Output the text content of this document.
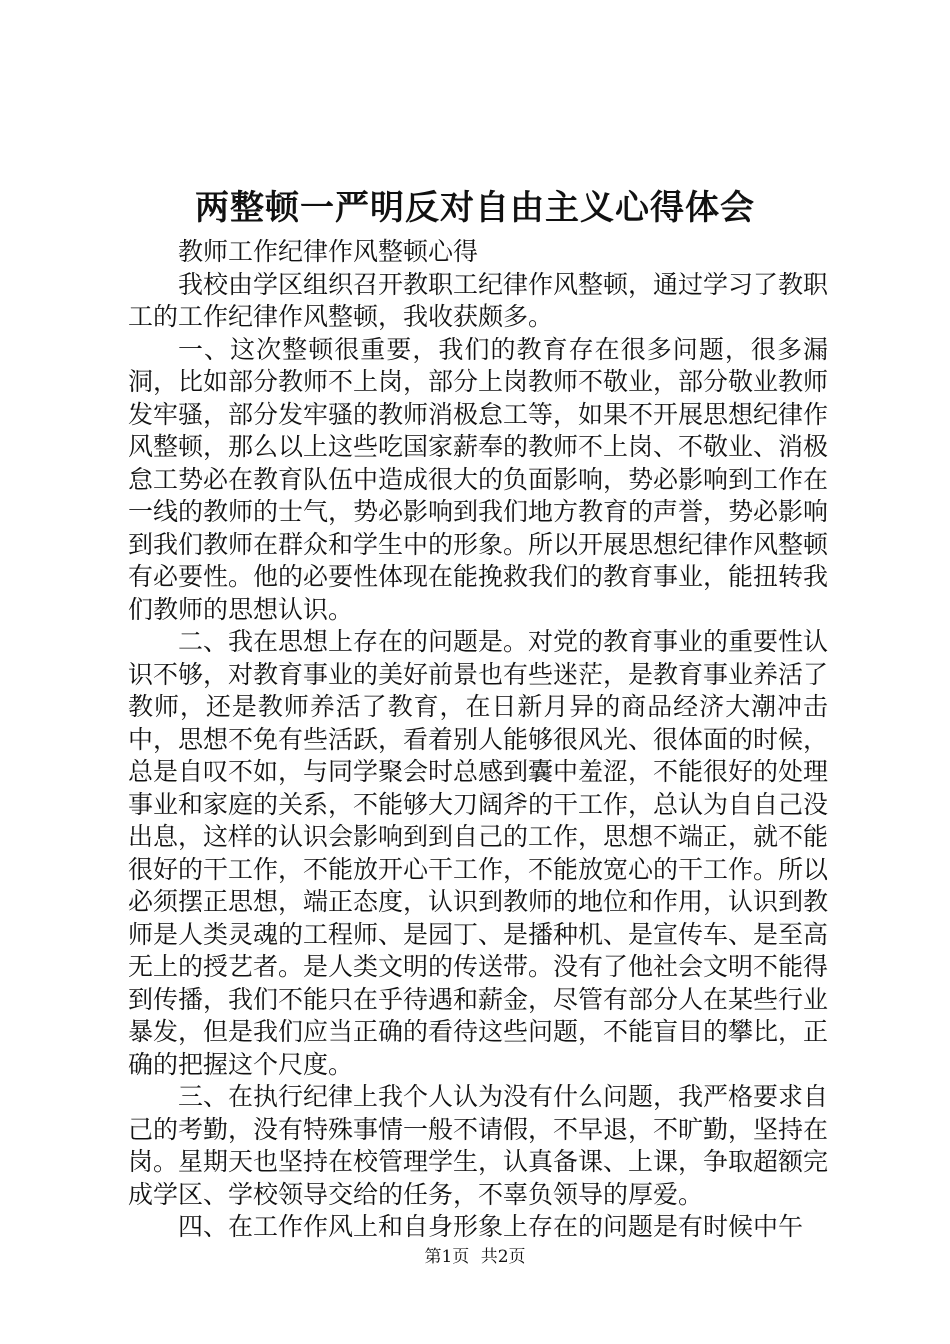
两整顿一严明反对自由主义心得体会

教师工作纪律作风整顿心得

我校由学区组织召开教职工纪律作风整顿，通过学习了教职工的工作纪律作风整顿，我收获颇多。

一、这次整顿很重要，我们的教育存在很多问题，很多漏洞，比如部分教师不上岗，部分上岗教师不敬业，部分敬业教师发牢骚，部分发牢骚的教师消极怠工等，如果不开展思想纪律作风整顿，那么以上这些吃国家薪奉的教师不上岗、不敬业、消极怠工势必在教育队伍中造成很大的负面影响，势必影响到工作在一线的教师的士气，势必影响到我们地方教育的声誉，势必影响到我们教师在群众和学生中的形象。所以开展思想纪律作风整顿有必要性。他的必要性体现在能挽救我们的教育事业，能扭转我们教师的思想认识。

二、我在思想上存在的问题是。对党的教育事业的重要性认识不够，对教育事业的美好前景也有些迷茫，是教育事业养活了教师，还是教师养活了教育，在日新月异的商品经济大潮冲击中，思想不免有些活跃，看着别人能够很风光、很体面的时候，总是自叹不如，与同学聚会时总感到囊中羞涩，不能很好的处理事业和家庭的关系，不能够大刀阔斧的干工作，总认为自自己没出息，这样的认识会影响到到自己的工作，思想不端正，就不能很好的干工作，不能放开心干工作，不能放宽心的干工作。所以必须摆正思想，端正态度，认识到教师的地位和作用，认识到教师是人类灵魂的工程师、是园丁、是播种机、是宣传车、是至高无上的授艺者。是人类文明的传送带。没有了他社会文明不能得到传播，我们不能只在乎待遇和薪金，尽管有部分人在某些行业暴发，但是我们应当正确的看待这些问题，不能盲目的攀比，正确的把握这个尺度。

三、在执行纪律上我个人认为没有什么问题，我严格要求自己的考勤，没有特殊事情一般不请假，不早退，不旷勤，坚持在岗。星期天也坚持在校管理学生，认真备课、上课，争取超额完成学区、学校领导交给的任务，不辜负领导的厚爱。

四、在工作作风上和自身形象上存在的问题是有时候中午

第1页 共2页
